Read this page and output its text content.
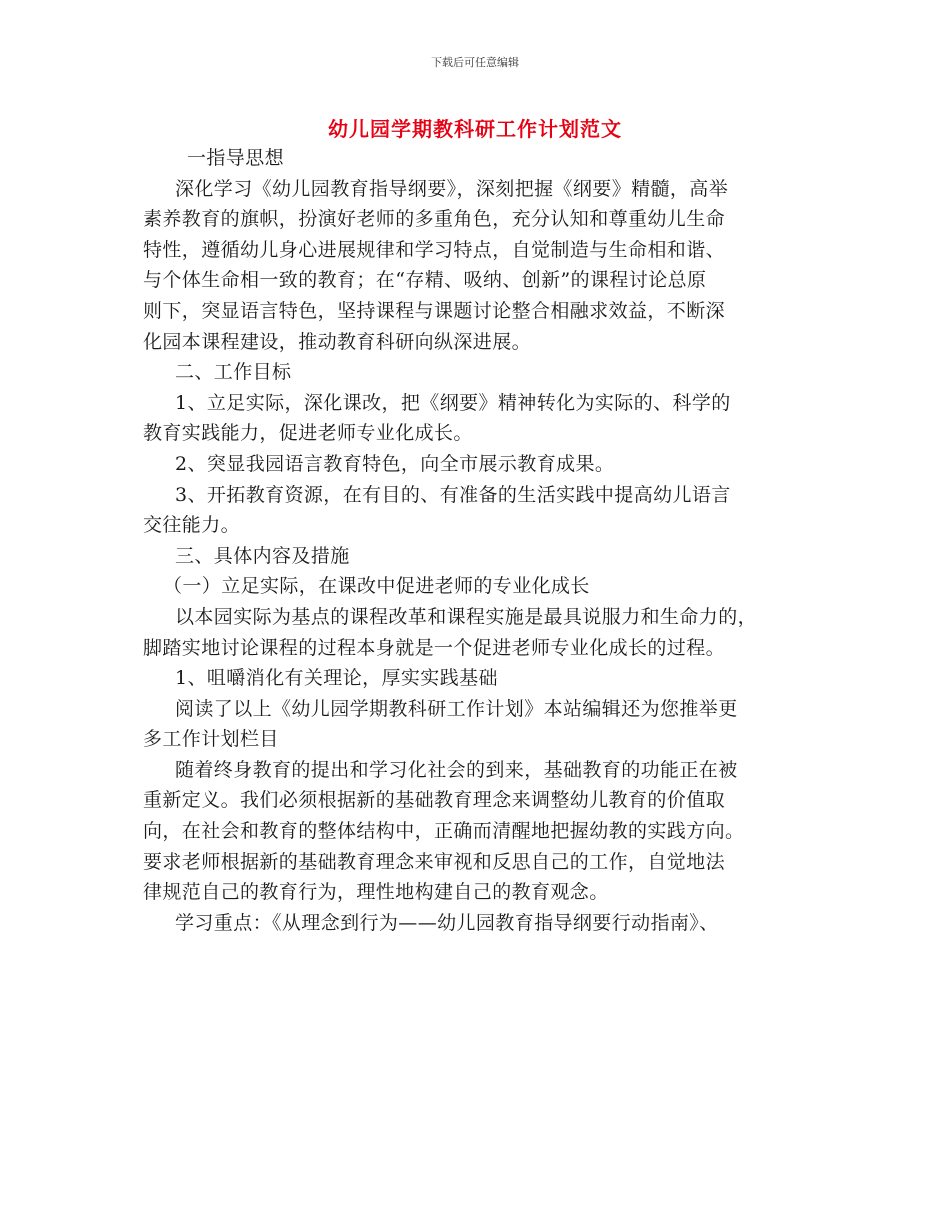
下载后可任意编辑
幼儿园学期教科研工作计划范文
一指导思想
深化学习《幼儿园教育指导纲要》，深刻把握《纲要》精髓，高举
素养教育的旗帜，扮演好老师的多重角色，充分认知和尊重幼儿生命
特性，遵循幼儿身心进展规律和学习特点，自觉制造与生命相和谐、
与个体生命相一致的教育；在“存精、吸纳、创新”的课程讨论总原
则下，突显语言特色，坚持课程与课题讨论整合相融求效益，不断深
化园本课程建设，推动教育科研向纵深进展。
二、工作目标
1、立足实际，深化课改，把《纲要》精神转化为实际的、科学的
教育实践能力，促进老师专业化成长。
2、突显我园语言教育特色，向全市展示教育成果。
3、开拓教育资源，在有目的、有准备的生活实践中提高幼儿语言
交往能力。
三、具体内容及措施
（一）立足实际，在课改中促进老师的专业化成长
以本园实际为基点的课程改革和课程实施是最具说服力和生命力的，
脚踏实地讨论课程的过程本身就是一个促进老师专业化成长的过程。
1、咀嚼消化有关理论，厚实实践基础
阅读了以上《幼儿园学期教科研工作计划》本站编辑还为您推举更
多工作计划栏目
随着终身教育的提出和学习化社会的到来，基础教育的功能正在被
重新定义。我们必须根据新的基础教育理念来调整幼儿教育的价值取
向，在社会和教育的整体结构中，正确而清醒地把握幼教的实践方向。
要求老师根据新的基础教育理念来审视和反思自己的工作，自觉地法
律规范自己的教育行为，理性地构建自己的教育观念。
学习重点：《从理念到行为——幼儿园教育指导纲要行动指南》、
